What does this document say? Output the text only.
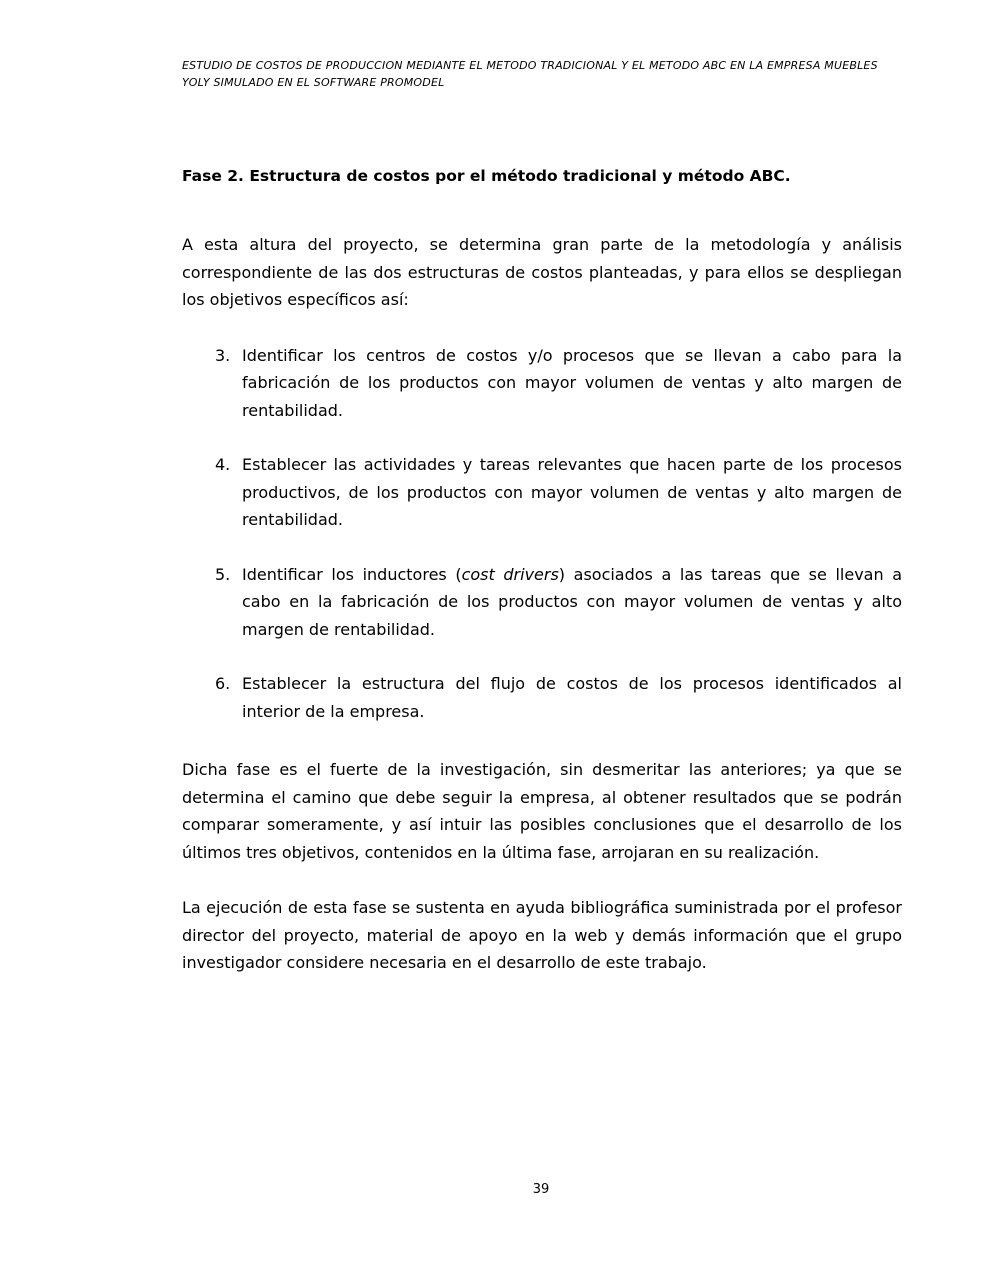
ESTUDIO DE COSTOS DE PRODUCCION MEDIANTE EL METODO TRADICIONAL Y EL METODO ABC EN LA EMPRESA MUEBLES YOLY SIMULADO EN EL SOFTWARE PROMODEL
Fase 2. Estructura de costos por el método tradicional y método ABC.

A esta altura del proyecto, se determina gran parte de la metodología y análisis correspondiente de las dos estructuras de costos planteadas, y para ellos se despliegan los objetivos específicos así:

3. Identificar los centros de costos y/o procesos que se llevan a cabo para la fabricación de los productos con mayor volumen de ventas y alto margen de rentabilidad.
4. Establecer las actividades y tareas relevantes que hacen parte de los procesos productivos, de los productos con mayor volumen de ventas y alto margen de rentabilidad.
5. Identificar los inductores (cost drivers) asociados a las tareas que se llevan a cabo en la fabricación de los productos con mayor volumen de ventas y alto margen de rentabilidad.
6. Establecer la estructura del flujo de costos de los procesos identificados al interior de la empresa.

Dicha fase es el fuerte de la investigación, sin desmeritar las anteriores; ya que se determina el camino que debe seguir la empresa, al obtener resultados que se podrán comparar someramente, y así intuir las posibles conclusiones que el desarrollo de los últimos tres objetivos, contenidos en la última fase, arrojaran en su realización.

La ejecución de esta fase se sustenta en ayuda bibliográfica suministrada por el profesor director del proyecto, material de apoyo en la web y demás información que el grupo investigador considere necesaria en el desarrollo de este trabajo.

39
